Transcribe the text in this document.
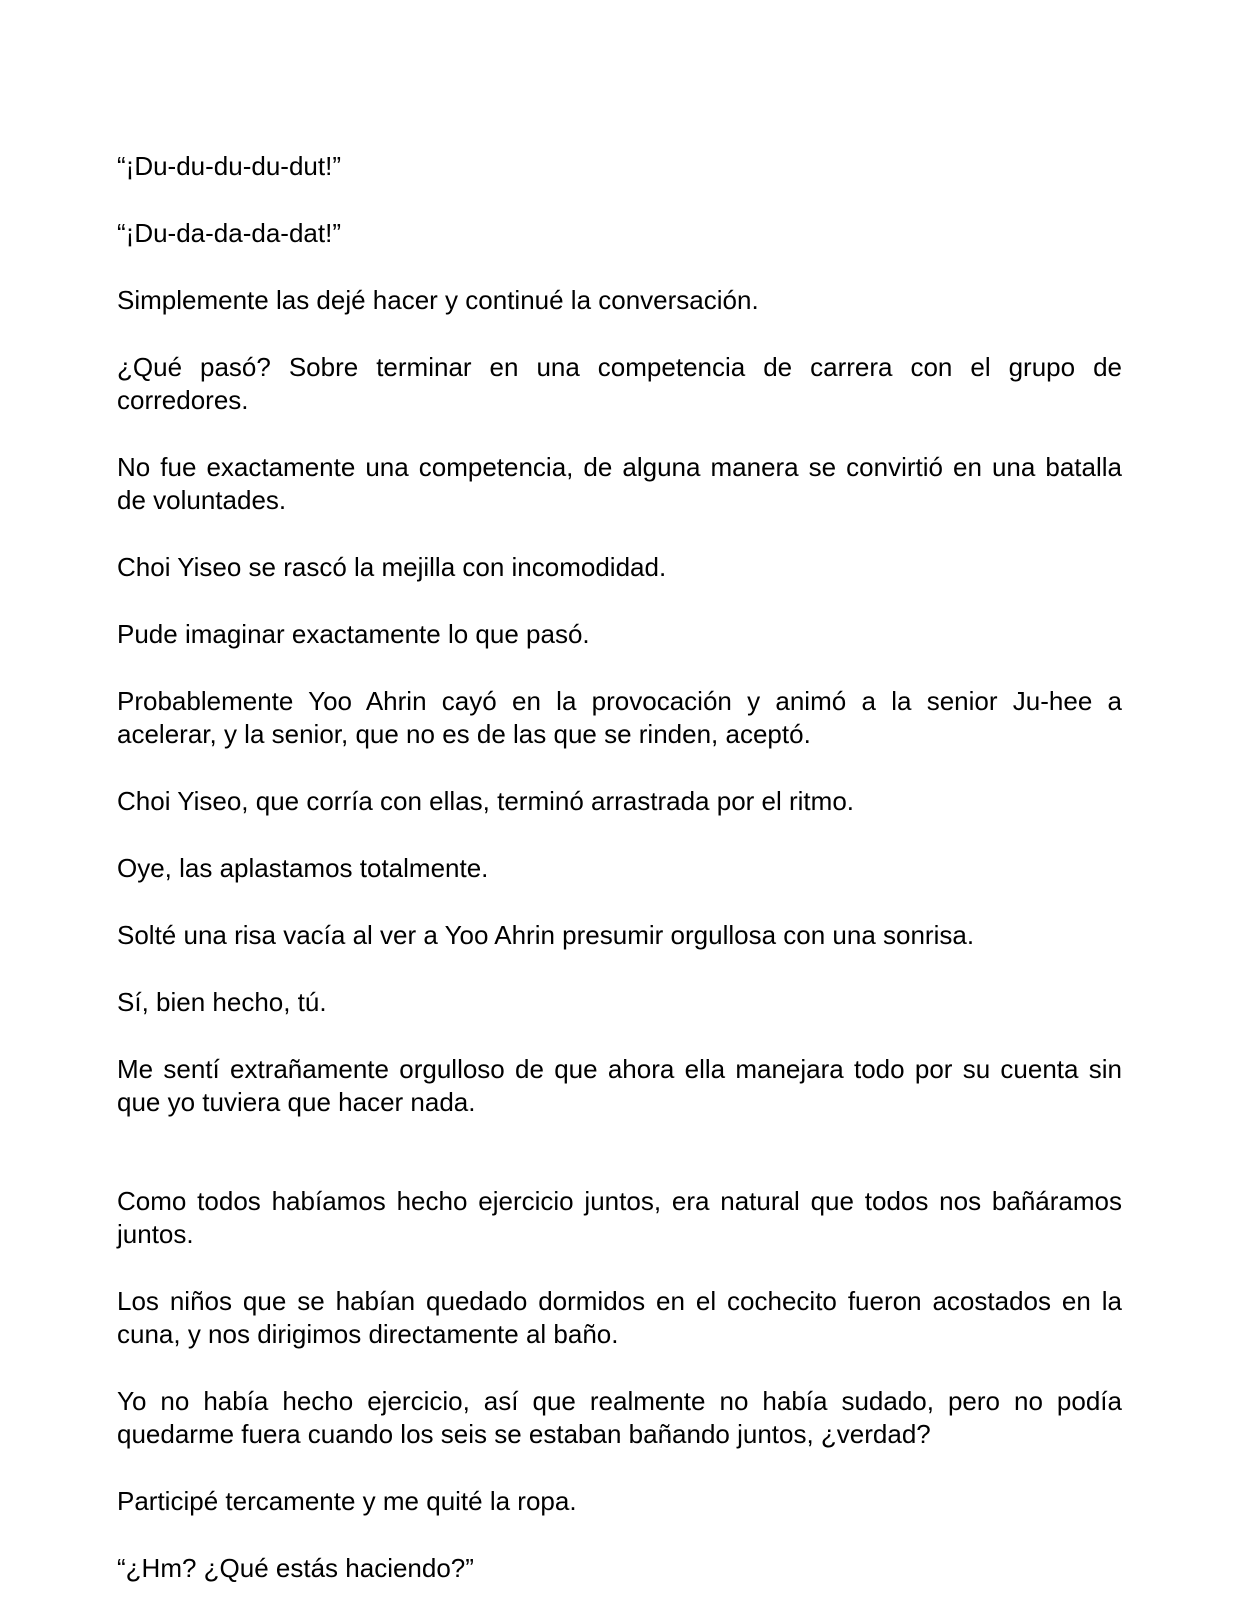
“¡Du-du-du-du-dut!”

“¡Du-da-da-da-dat!”

Simplemente las dejé hacer y continué la conversación.

¿Qué pasó? Sobre terminar en una competencia de carrera con el grupo de corredores.

No fue exactamente una competencia, de alguna manera se convirtió en una batalla de voluntades.

Choi Yiseo se rascó la mejilla con incomodidad.

Pude imaginar exactamente lo que pasó.

Probablemente Yoo Ahrin cayó en la provocación y animó a la senior Ju-hee a acelerar, y la senior, que no es de las que se rinden, aceptó.

Choi Yiseo, que corría con ellas, terminó arrastrada por el ritmo.

Oye, las aplastamos totalmente.

Solté una risa vacía al ver a Yoo Ahrin presumir orgullosa con una sonrisa.

Sí, bien hecho, tú.

Me sentí extrañamente orgulloso de que ahora ella manejara todo por su cuenta sin que yo tuviera que hacer nada.

Como todos habíamos hecho ejercicio juntos, era natural que todos nos bañáramos juntos.

Los niños que se habían quedado dormidos en el cochecito fueron acostados en la cuna, y nos dirigimos directamente al baño.

Yo no había hecho ejercicio, así que realmente no había sudado, pero no podía quedarme fuera cuando los seis se estaban bañando juntos, ¿verdad?

Participé tercamente y me quité la ropa.

“¿Hm? ¿Qué estás haciendo?”
